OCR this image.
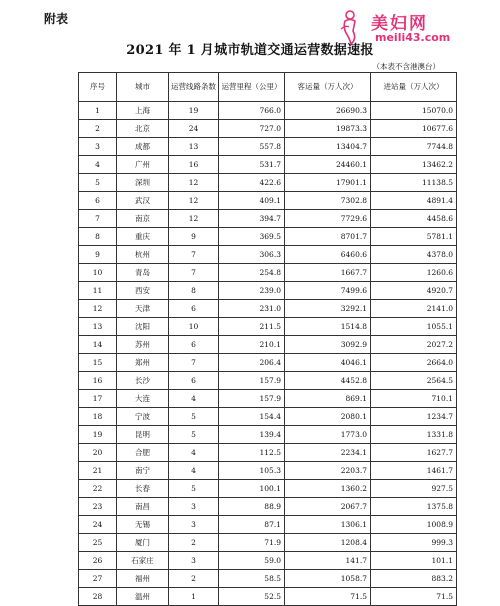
附表	美妇网
meili43.com
2021 年 1 月城市轨道交通运营数据速报
（本表不含港澳台）
序号	城市	运营线路条数	运营里程（公里）	客运量（万人次）	进站量（万人次）
1	上海	19	766.0	26690.3	15070.0
2	北京	24	727.0	19873.3	10677.6
3	成都	13	557.8	13404.7	7744.8
4	广州	16	531.7	24460.1	13462.2
5	深圳	12	422.6	17901.1	11138.5
6	武汉	12	409.1	7302.8	4891.4
7	南京	12	394.7	7729.6	4458.6
8	重庆	9	369.5	8701.7	5781.1
9	杭州	7	306.3	6460.6	4378.0
10	青岛	7	254.8	1667.7	1260.6
11	西安	8	239.0	7499.6	4920.7
12	天津	6	231.0	3292.1	2141.0
13	沈阳	10	211.5	1514.8	1055.1
14	苏州	6	210.1	3092.9	2027.2
15	郑州	7	206.4	4046.1	2664.0
16	长沙	6	157.9	4452.8	2564.5
17	大连	4	157.9	869.1	710.1
18	宁波	5	154.4	2080.1	1234.7
19	昆明	5	139.4	1773.0	1331.8
20	合肥	4	112.5	2234.1	1627.7
21	南宁	4	105.3	2203.7	1461.7
22	长春	5	100.1	1360.2	927.5
23	南昌	3	88.9	2067.7	1375.8
24	无锡	3	87.1	1306.1	1008.9
25	厦门	2	71.9	1208.4	999.3
26	石家庄	3	59.0	141.7	101.1
27	福州	2	58.5	1058.7	883.2
28	温州	1	52.5	71.5	71.5
